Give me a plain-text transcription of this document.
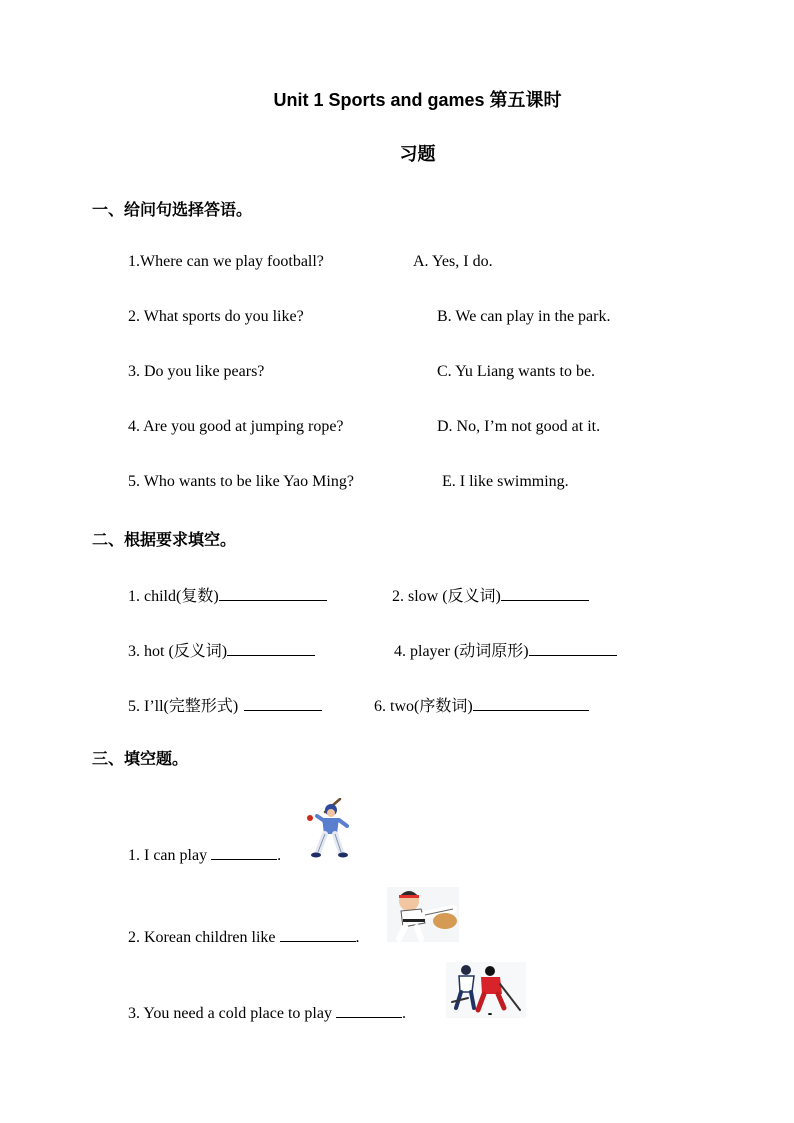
Unit 1 Sports and games 第五课时
习题
一、给问句选择答语。
1.Where can we play football?	A. Yes, I do.
2. What sports do you like?	B. We can play in the park.
3. Do you like pears?	C. Yu Liang wants to be.
4. Are you good at jumping rope?	D. No, I’m not good at it.
5. Who wants to be like Yao Ming?	E. I like swimming.
二、根据要求填空。
1. child(复数)	2. slow (反义词)
3. hot (反义词)	4. player (动词原形)
5. I’ll(完整形式)	6. two(序数词)
三、填空题。
1. I can play	.
2. Korean children like	.
3. You need a cold place to play	.
